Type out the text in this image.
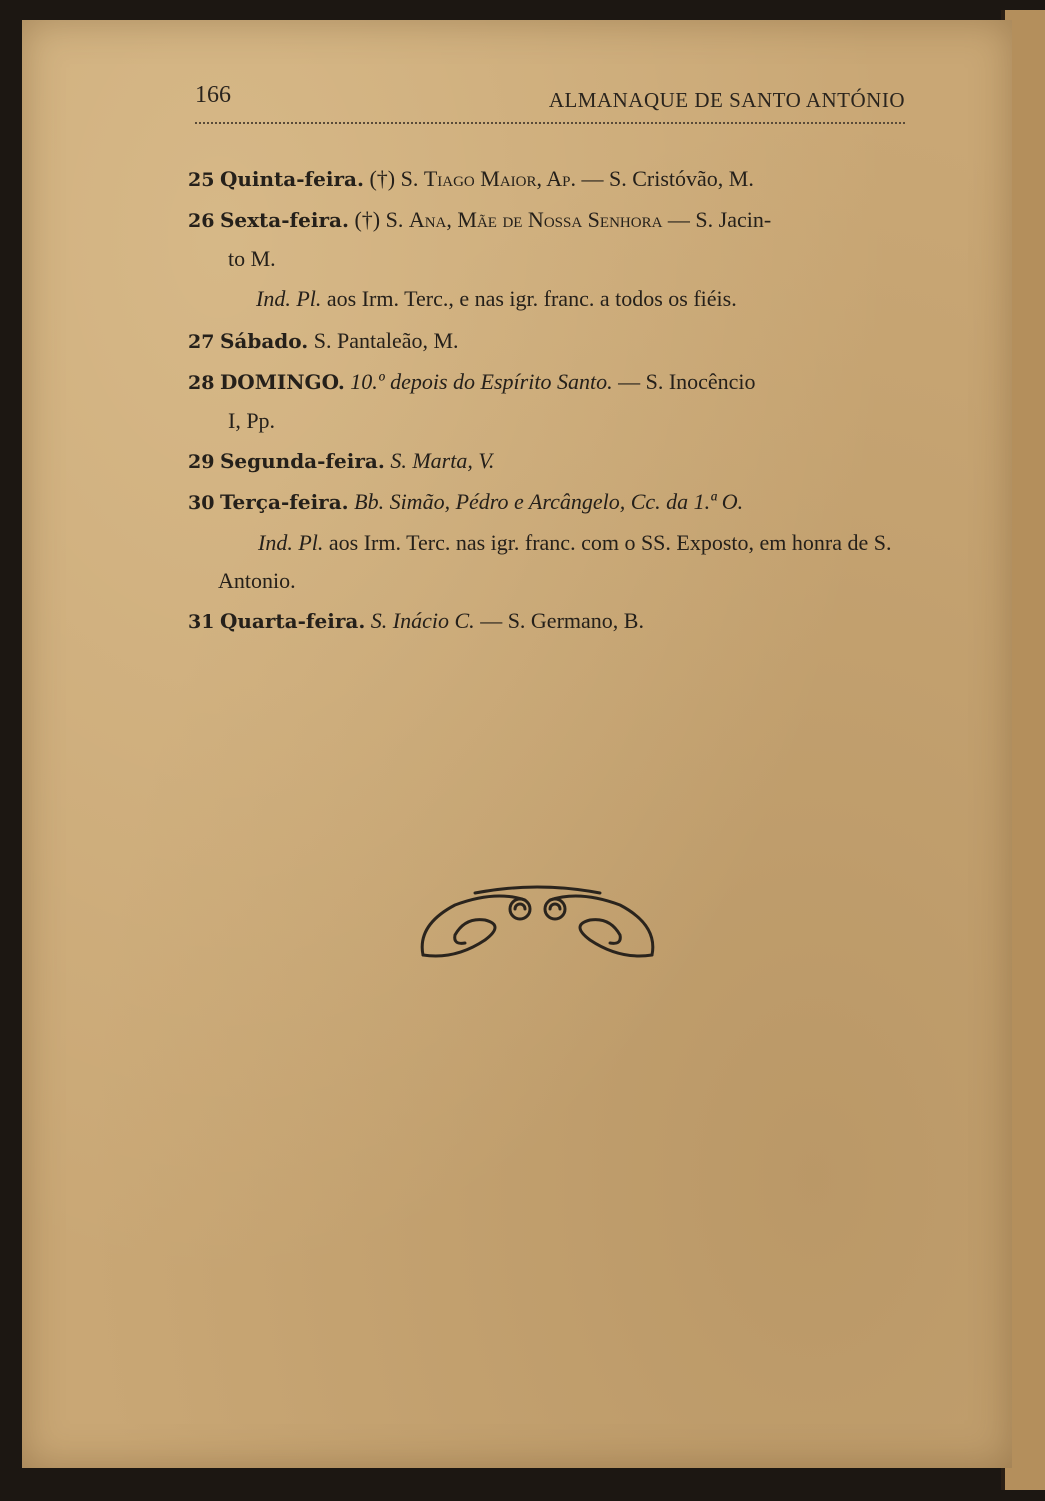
166	ALMANAQUE DE SANTO ANTÓNIO
25 Quinta-feira. (†) S. Tiago Maior, Ap. — S. Cristóvão, M.
26 Sexta-feira. (†) S. Ana, Mãe de Nossa Senhora — S. Jacin-
to M.
Ind. Pl. aos Irm. Terc., e nas igr. franc. a todos os fiéis.
27 Sábado. S. Pantaleão, M.
28 DOMINGO. 10.º depois do Espírito Santo. — S. Inocêncio
I, Pp.
29 Segunda-feira. S. Marta, V.
30 Terça-feira. Bb. Simão, Pédro e Arcângelo, Cc. da 1.ª O.
Ind. Pl. aos Irm. Terc. nas igr. franc. com o SS. Exposto, em honra de S. Antonio.
31 Quarta-feira. S. Inácio C. — S. Germano, B.
